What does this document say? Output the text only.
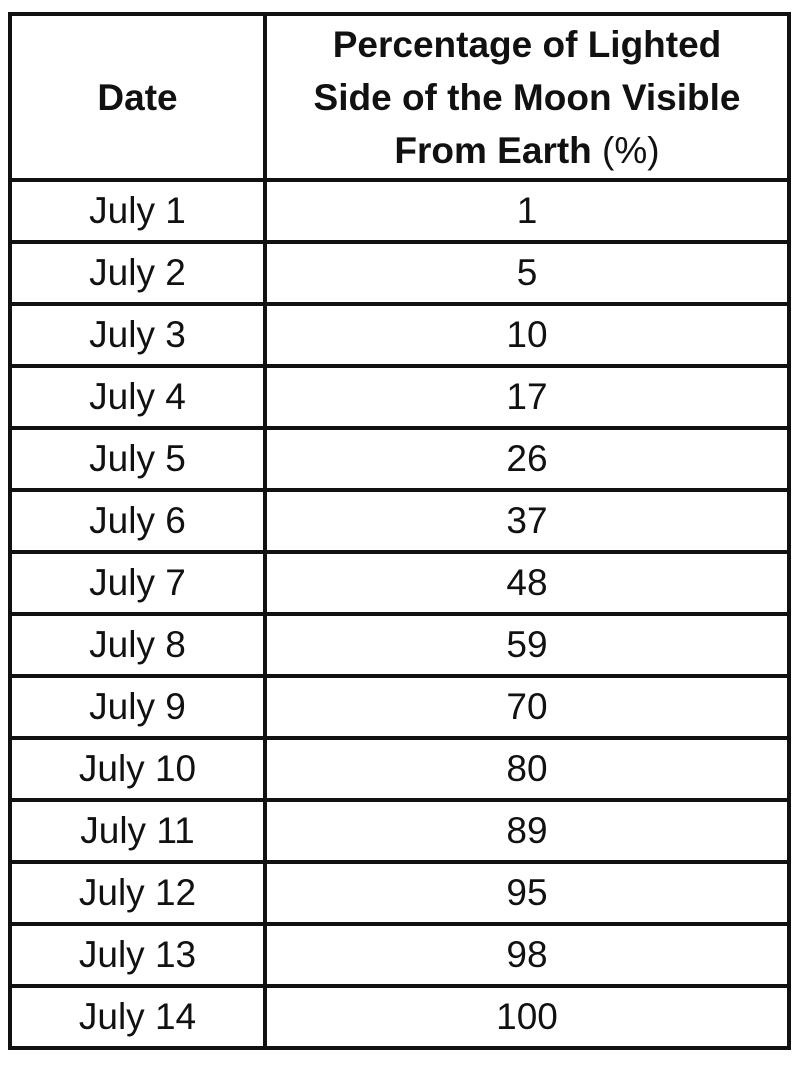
Date	Percentage of Lighted
Side of the Moon Visible
From Earth (%)
July 1	1
July 2	5
July 3	10
July 4	17
July 5	26
July 6	37
July 7	48
July 8	59
July 9	70
July 10	80
July 11	89
July 12	95
July 13	98
July 14	100
